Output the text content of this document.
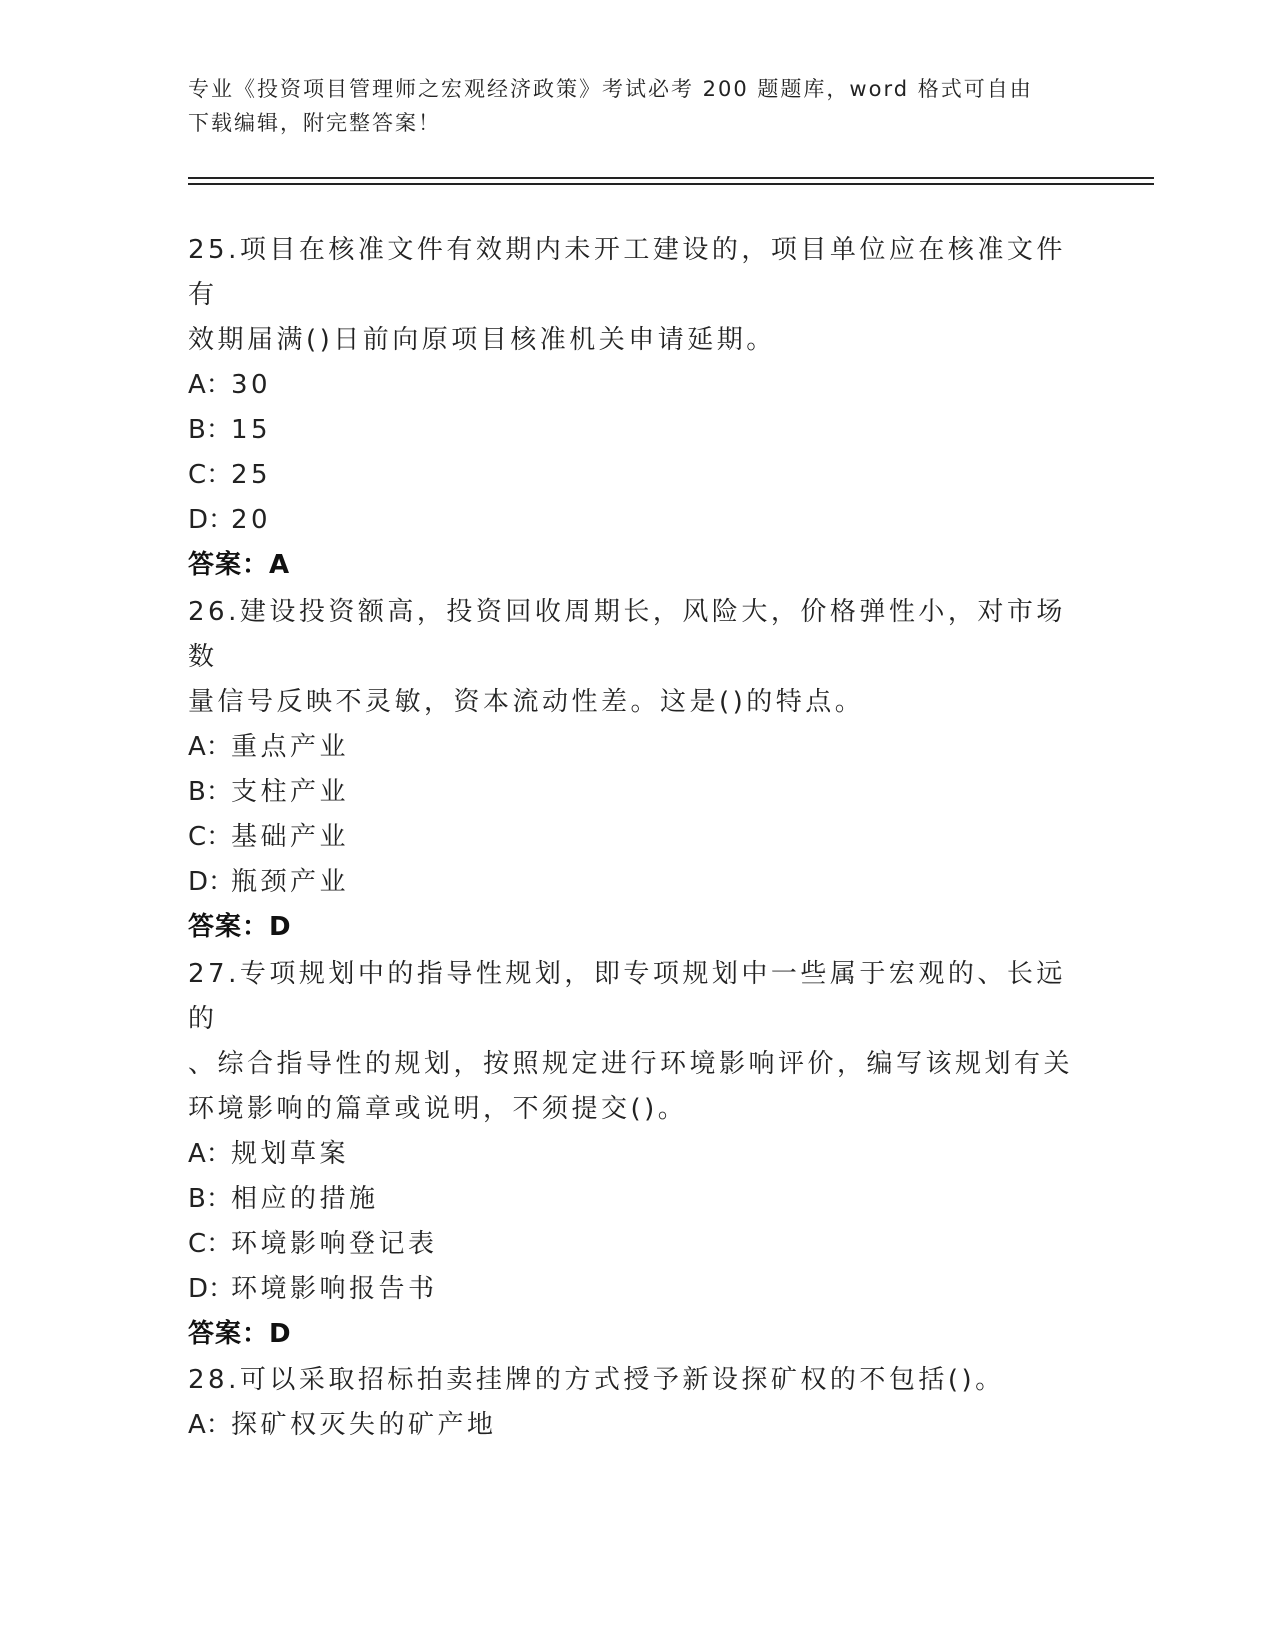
专业《投资项目管理师之宏观经济政策》考试必考 200 题题库，word 格式可自由
下载编辑，附完整答案！

25.项目在核准文件有效期内未开工建设的，项目单位应在核准文件有

效期届满()日前向原项目核准机关申请延期。

A：30

B：15

C：25

D：20

答案：A

26.建设投资额高，投资回收周期长，风险大，价格弹性小，对市场数

量信号反映不灵敏，资本流动性差。这是()的特点。

A：重点产业

B：支柱产业

C：基础产业

D：瓶颈产业

答案：D

27.专项规划中的指导性规划，即专项规划中一些属于宏观的、长远的

、综合指导性的规划，按照规定进行环境影响评价，编写该规划有关

环境影响的篇章或说明，不须提交()。

A：规划草案

B：相应的措施

C：环境影响登记表

D：环境影响报告书

答案：D

28.可以采取招标拍卖挂牌的方式授予新设探矿权的不包括()。

A：探矿权灭失的矿产地
